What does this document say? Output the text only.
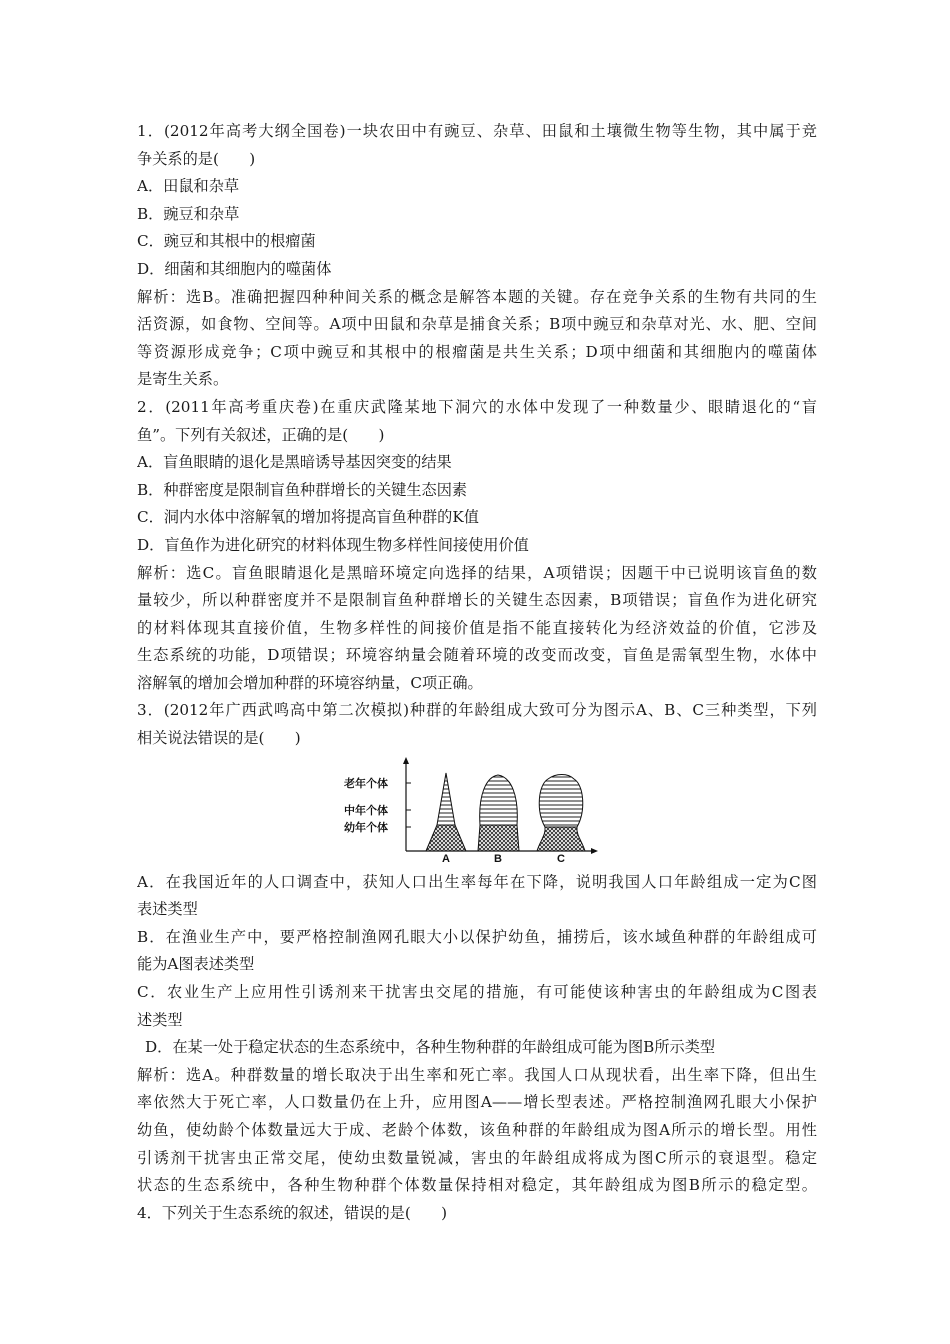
1．(2012年高考大纲全国卷)一块农田中有豌豆、杂草、田鼠和土壤微生物等生物，其中属于竞
争关系的是(　　)
A．田鼠和杂草
B．豌豆和杂草
C．豌豆和其根中的根瘤菌
D．细菌和其细胞内的噬菌体
解析：选B。准确把握四种种间关系的概念是解答本题的关键。存在竞争关系的生物有共同的生
活资源，如食物、空间等。A项中田鼠和杂草是捕食关系；B项中豌豆和杂草对光、水、肥、空间
等资源形成竞争；C项中豌豆和其根中的根瘤菌是共生关系；D项中细菌和其细胞内的噬菌体
是寄生关系。
2．(2011年高考重庆卷)在重庆武隆某地下洞穴的水体中发现了一种数量少、眼睛退化的“盲
鱼”。下列有关叙述，正确的是(　　)
A．盲鱼眼睛的退化是黑暗诱导基因突变的结果
B．种群密度是限制盲鱼种群增长的关键生态因素
C．洞内水体中溶解氧的增加将提高盲鱼种群的K值
D．盲鱼作为进化研究的材料体现生物多样性间接使用价值
解析：选C。盲鱼眼睛退化是黑暗环境定向选择的结果，A项错误；因题干中已说明该盲鱼的数
量较少，所以种群密度并不是限制盲鱼种群增长的关键生态因素，B项错误；盲鱼作为进化研究
的材料体现其直接价值，生物多样性的间接价值是指不能直接转化为经济效益的价值，它涉及
生态系统的功能，D项错误；环境容纳量会随着环境的改变而改变，盲鱼是需氧型生物，水体中
溶解氧的增加会增加种群的环境容纳量，C项正确。
3．(2012年广西武鸣高中第二次模拟)种群的年龄组成大致可分为图示A、B、C三种类型，下列
相关说法错误的是(　　)
老年个体
中年个体
幼年个体
A	B	C
A．在我国近年的人口调查中，获知人口出生率每年在下降，说明我国人口年龄组成一定为C图
表述类型
B．在渔业生产中，要严格控制渔网孔眼大小以保护幼鱼，捕捞后，该水域鱼种群的年龄组成可
能为A图表述类型
C．农业生产上应用性引诱剂来干扰害虫交尾的措施，有可能使该种害虫的年龄组成为C图表
述类型
D．在某一处于稳定状态的生态系统中，各种生物种群的年龄组成可能为图B所示类型
解析：选A。种群数量的增长取决于出生率和死亡率。我国人口从现状看，出生率下降，但出生
率依然大于死亡率，人口数量仍在上升，应用图A——增长型表述。严格控制渔网孔眼大小保护
幼鱼，使幼龄个体数量远大于成、老龄个体数，该鱼种群的年龄组成为图A所示的增长型。用性
引诱剂干扰害虫正常交尾，使幼虫数量锐减，害虫的年龄组成将成为图C所示的衰退型。稳定
状态的生态系统中，各种生物种群个体数量保持相对稳定，其年龄组成为图B所示的稳定型。
4．下列关于生态系统的叙述，错误的是(　　)
